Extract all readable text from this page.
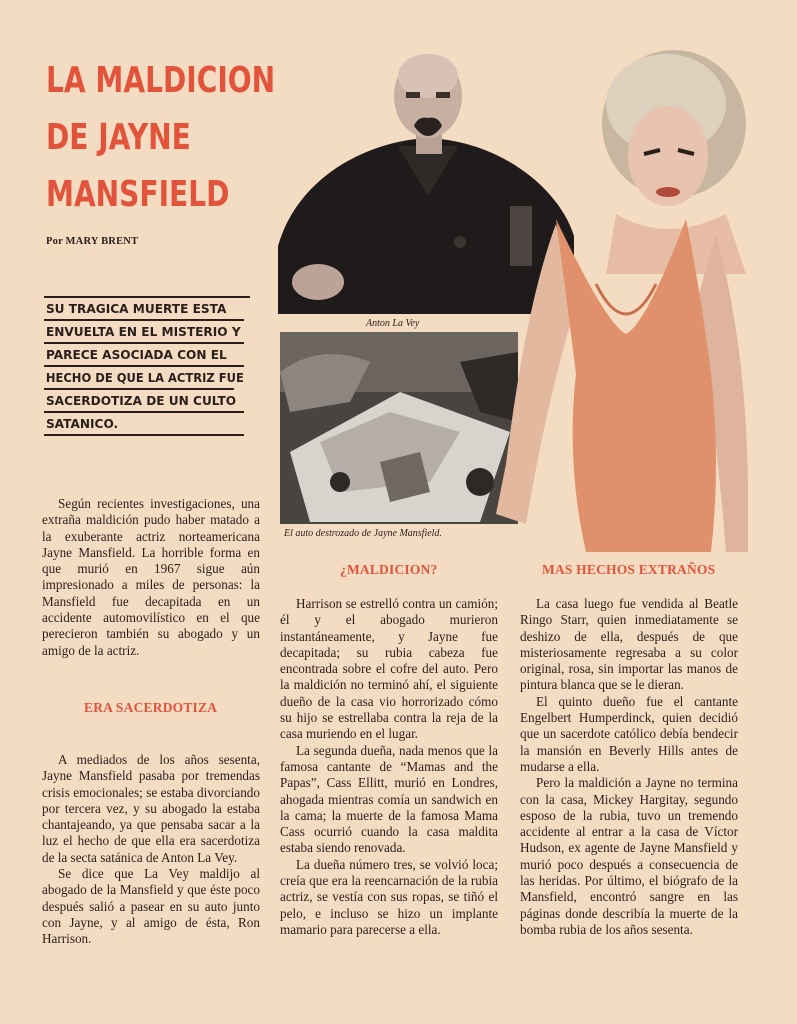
LA MALDICION
DE JAYNE
MANSFIELD
Por MARY BRENT
SU TRAGICA MUERTE ESTA
ENVUELTA EN EL MISTERIO Y
PARECE ASOCIADA CON EL
HECHO DE QUE LA ACTRIZ FUE
SACERDOTIZA DE UN CULTO
SATANICO.
Anton La Vey
El auto destrozado de Jayne Mansfield.

Según recientes investigaciones, una extraña maldición pudo haber matado a la exuberante actriz norteamericana Jayne Mansfield. La horrible forma en que murió en 1967 sigue aún impresionado a miles de personas: la Mansfield fue decapitada en un accidente automovilístico en el que perecieron también su abogado y un amigo de la actriz.

ERA SACERDOTIZA

A mediados de los años sesenta, Jayne Mansfield pasaba por tremendas crisis emocionales; se estaba divorciando por tercera vez, y su abogado la estaba chantajeando, ya que pensaba sacar a la luz el hecho de que ella era sacerdotiza de la secta satánica de Anton La Vey.

Se dice que La Vey maldijo al abogado de la Mansfield y que éste poco después salió a pasear en su auto junto con Jayne, y al amigo de ésta, Ron Harrison.

¿MALDICION?

Harrison se estrelló contra un camión; él y el abogado murieron instantáneamente, y Jayne fue decapitada; su rubia cabeza fue encontrada sobre el cofre del auto. Pero la maldición no terminó ahí, el siguiente dueño de la casa vio horrorizado cómo su hijo se estrellaba contra la reja de la casa muriendo en el lugar.

La segunda dueña, nada menos que la famosa cantante de “Mamas and the Papas”, Cass Ellitt, murió en Londres, ahogada mientras comía un sandwich en la cama; la muerte de la famosa Mama Cass ocurrió cuando la casa maldita estaba siendo renovada.

La dueña número tres, se volvió loca; creía que era la reencarnación de la rubia actriz, se vestía con sus ropas, se tiñó el pelo, e incluso se hizo un implante mamario para parecerse a ella.

MAS HECHOS EXTRAÑOS

La casa luego fue vendida al Beatle Ringo Starr, quien inmediatamente se deshizo de ella, después de que misteriosamente regresaba a su color original, rosa, sin importar las manos de pintura blanca que se le dieran.

El quinto dueño fue el cantante Engelbert Humperdinck, quien decidió que un sacerdote católico debía bendecir la mansión en Beverly Hills antes de mudarse a ella.

Pero la maldición a Jayne no termina con la casa, Mickey Hargitay, segundo esposo de la rubia, tuvo un tremendo accidente al entrar a la casa de Víctor Hudson, ex agente de Jayne Mansfield y murió poco después a consecuencia de las heridas. Por último, el biógrafo de la Mansfield, encontró sangre en las páginas donde describía la muerte de la bomba rubia de los años sesenta.
